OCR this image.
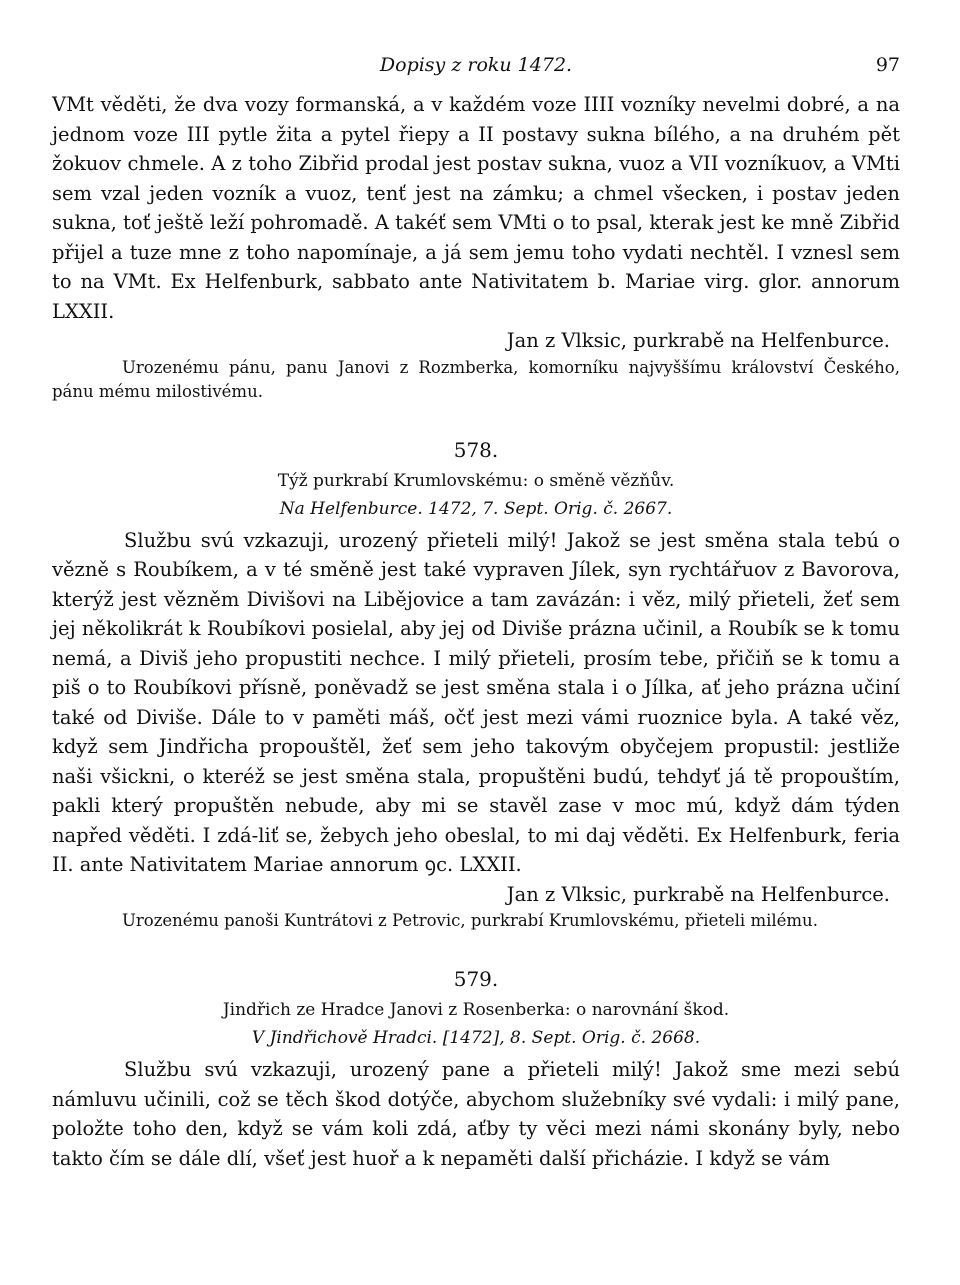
Dopisy z roku 1472.	97

VMt věděti, že dva vozy formanská, a v každém voze IIII vozníky nevelmi dobré, a na jednom voze III pytle žita a pytel řiepy a II postavy sukna bílého, a na druhém pět žokuov chmele. A z toho Zibřid prodal jest postav sukna, vuoz a VII vozníkuov, a VMti sem vzal jeden vozník a vuoz, tenť jest na zámku; a chmel všecken, i postav jeden sukna, toť ještě leží pohromadě. A takéť sem VMti o to psal, kterak jest ke mně Zibřid přijel a tuze mne z toho napomínaje, a já sem jemu toho vydati nechtěl. I vznesl sem to na VMt. Ex Helfenburk, sabbato ante Nativitatem b. Mariae virg. glor. annorum LXXII.

Jan z Vlksic, purkrabě na Helfenburce.

Urozenému pánu, panu Janovi z Rozmberka, komorníku najvyššímu království Českého, pánu mému milostivému.

578.
Týž purkrabí Krumlovskému: o směně vězňův.
Na Helfenburce. 1472, 7. Sept. Orig. č. 2667.

Službu svú vzkazuji, urozený přieteli milý! Jakož se jest směna stala tebú o vězně s Roubíkem, a v té směně jest také vypraven Jílek, syn rychtářuov z Bavorova, kterýž jest vězněm Divišovi na Libějovice a tam zavázán: i věz, milý přieteli, žeť sem jej několikrát k Roubíkovi posielal, aby jej od Diviše prázna učinil, a Roubík se k tomu nemá, a Diviš jeho propustiti nechce. I milý přieteli, prosím tebe, přičiň se k tomu a piš o to Roubíkovi přísně, poněvadž se jest směna stala i o Jílka, ať jeho prázna učiní také od Diviše. Dále to v paměti máš, očť jest mezi vámi ruoznice byla. A také věz, když sem Jindřicha propouštěl, žeť sem jeho takovým obyčejem propustil: jestliže naši všickni, o kteréž se jest směna stala, propuštěni budú, tehdyť já tě propouštím, pakli který propuštěn nebude, aby mi se stavěl zase v moc mú, když dám týden napřed věděti. I zdá-liť se, žebych jeho obeslal, to mi daj věděti. Ex Helfenburk, feria II. ante Nativitatem Mariae annorum ꝯc. LXXII.

Jan z Vlksic, purkrabě na Helfenburce.

Urozenému panoši Kuntrátovi z Petrovic, purkrabí Krumlovskému, přieteli milému.

579.
Jindřich ze Hradce Janovi z Rosenberka: o narovnání škod.
V Jindřichově Hradci. [1472], 8. Sept. Orig. č. 2668.

Službu svú vzkazuji, urozený pane a přieteli milý! Jakož sme mezi sebú námluvu učinili, což se těch škod dotýče, abychom služebníky své vydali: i milý pane, položte toho den, když se vám koli zdá, aťby ty věci mezi námi skonány byly, nebo takto čím se dále dlí, všeť jest huoř a k nepaměti další přicházie. I když se vám
